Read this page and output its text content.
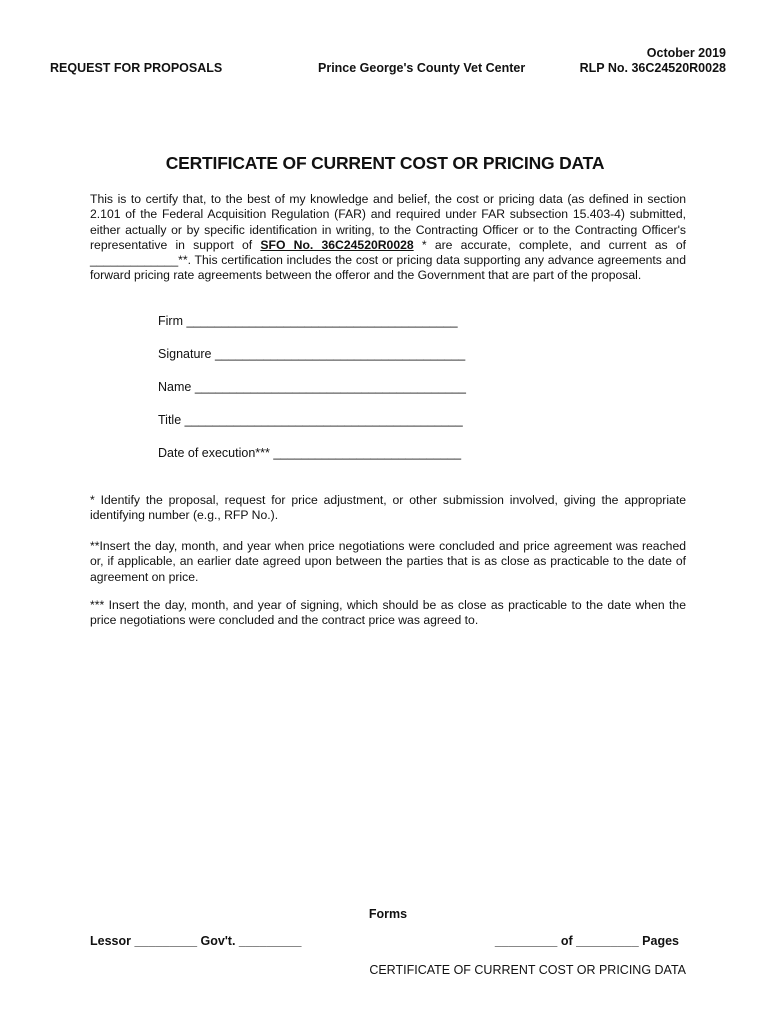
REQUEST FOR PROPOSALS	Prince George's County Vet Center
October 2019
RLP No. 36C24520R0028
CERTIFICATE OF CURRENT COST OR PRICING DATA
This is to certify that, to the best of my knowledge and belief, the cost or pricing data (as defined in section 2.101 of the Federal Acquisition Regulation (FAR) and required under FAR subsection 15.403-4) submitted, either actually or by specific identification in writing, to the Contracting Officer or to the Contracting Officer's representative in support of SFO No. 36C24520R0028 * are accurate, complete, and current as of _____________**. This certification includes the cost or pricing data supporting any advance agreements and forward pricing rate agreements between the offeror and the Government that are part of the proposal.
Firm _______________________________________
Signature ____________________________________
Name _______________________________________
Title ________________________________________
Date of execution*** ___________________________
* Identify the proposal, request for price adjustment, or other submission involved, giving the appropriate identifying number (e.g., RFP No.).
**Insert the day, month, and year when price negotiations were concluded and price agreement was reached or, if applicable, an earlier date agreed upon between the parties that is as close as practicable to the date of agreement on price.
*** Insert the day, month, and year of signing, which should be as close as practicable to the date when the price negotiations were concluded and the contract price was agreed to.
Forms
Lessor _________ Gov't. _________	_________ of _________ Pages
CERTIFICATE OF CURRENT COST OR PRICING DATA
